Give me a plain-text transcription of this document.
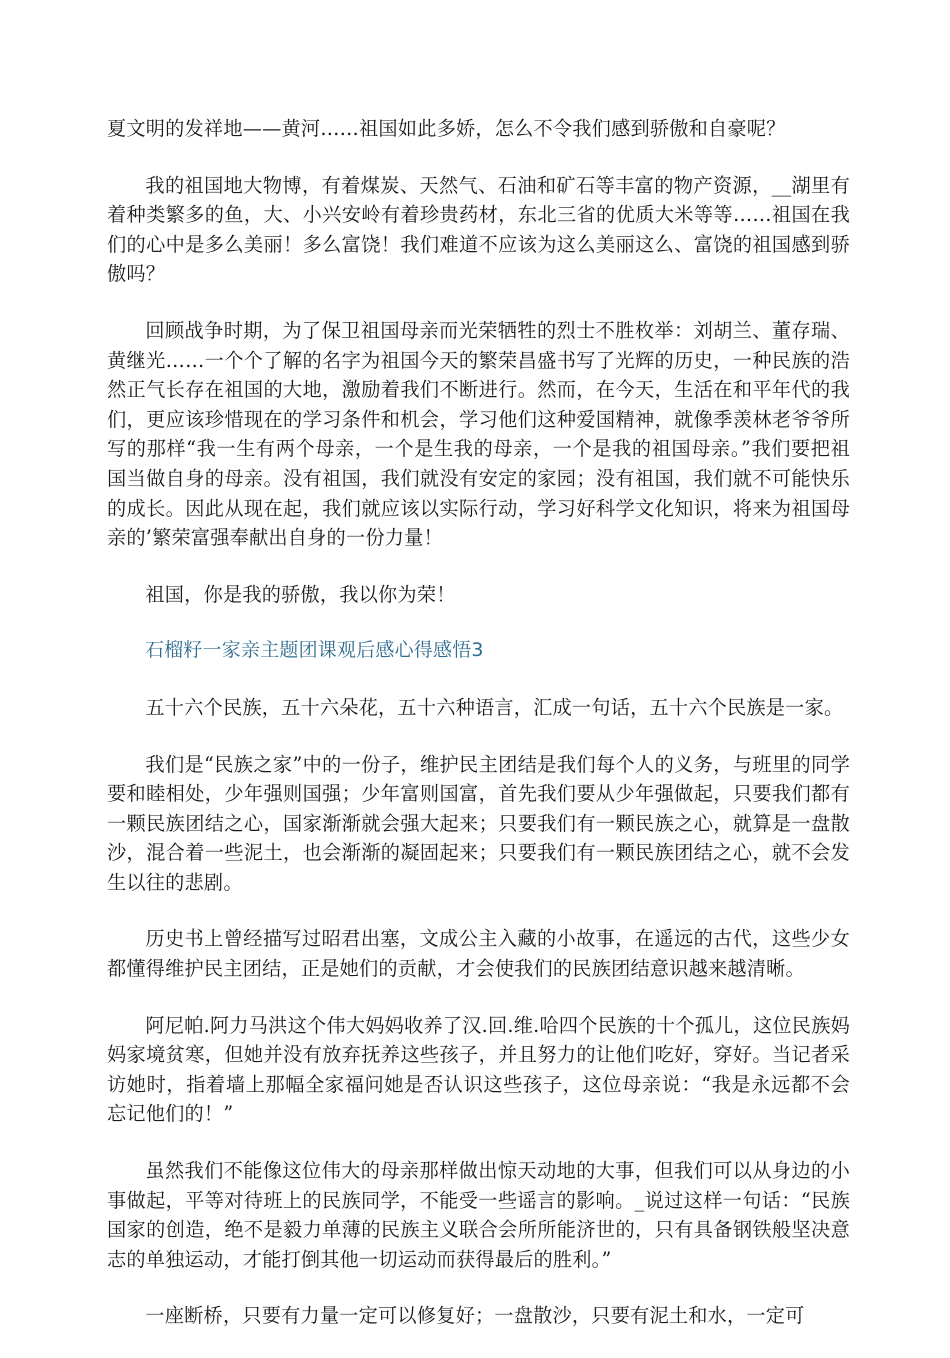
夏文明的发祥地——黄河……祖国如此多娇，怎么不令我们感到骄傲和自豪呢？

我的祖国地大物博，有着煤炭、天然气、石油和矿石等丰富的物产资源，__湖里有着种类繁多的鱼，大、小兴安岭有着珍贵药材，东北三省的优质大米等等……祖国在我们的心中是多么美丽！多么富饶！我们难道不应该为这么美丽这么、富饶的祖国感到骄傲吗？

回顾战争时期，为了保卫祖国母亲而光荣牺牲的烈士不胜枚举：刘胡兰、董存瑞、黄继光……一个个了解的名字为祖国今天的繁荣昌盛书写了光辉的历史，一种民族的浩然正气长存在祖国的大地，激励着我们不断进行。然而，在今天，生活在和平年代的我们，更应该珍惜现在的学习条件和机会，学习他们这种爱国精神，就像季羡林老爷爷所写的那样“我一生有两个母亲，一个是生我的母亲，一个是我的祖国母亲。”我们要把祖国当做自身的母亲。没有祖国，我们就没有安定的家园；没有祖国，我们就不可能快乐的成长。因此从现在起，我们就应该以实际行动，学习好科学文化知识，将来为祖国母亲的’繁荣富强奉献出自身的一份力量！

祖国，你是我的骄傲，我以你为荣！

石榴籽一家亲主题团课观后感心得感悟3

五十六个民族，五十六朵花，五十六种语言，汇成一句话，五十六个民族是一家。

我们是“民族之家”中的一份子，维护民主团结是我们每个人的义务，与班里的同学要和睦相处，少年强则国强；少年富则国富，首先我们要从少年强做起，只要我们都有一颗民族团结之心，国家渐渐就会强大起来；只要我们有一颗民族之心，就算是一盘散沙，混合着一些泥土，也会渐渐的凝固起来；只要我们有一颗民族团结之心，就不会发生以往的悲剧。

历史书上曾经描写过昭君出塞，文成公主入藏的小故事，在遥远的古代，这些少女都懂得维护民主团结，正是她们的贡献，才会使我们的民族团结意识越来越清晰。

阿尼帕.阿力马洪这个伟大妈妈收养了汉.回.维.哈四个民族的十个孤儿，这位民族妈妈家境贫寒，但她并没有放弃抚养这些孩子，并且努力的让他们吃好，穿好。当记者采访她时，指着墙上那幅全家福问她是否认识这些孩子，这位母亲说：“我是永远都不会忘记他们的！”

虽然我们不能像这位伟大的母亲那样做出惊天动地的大事，但我们可以从身边的小事做起，平等对待班上的民族同学，不能受一些谣言的影响。_说过这样一句话：“民族国家的创造，绝不是毅力单薄的民族主义联合会所所能济世的，只有具备钢铁般坚决意志的单独运动，才能打倒其他一切运动而获得最后的胜利。”

一座断桥，只要有力量一定可以修复好；一盘散沙，只要有泥土和水，一定可
